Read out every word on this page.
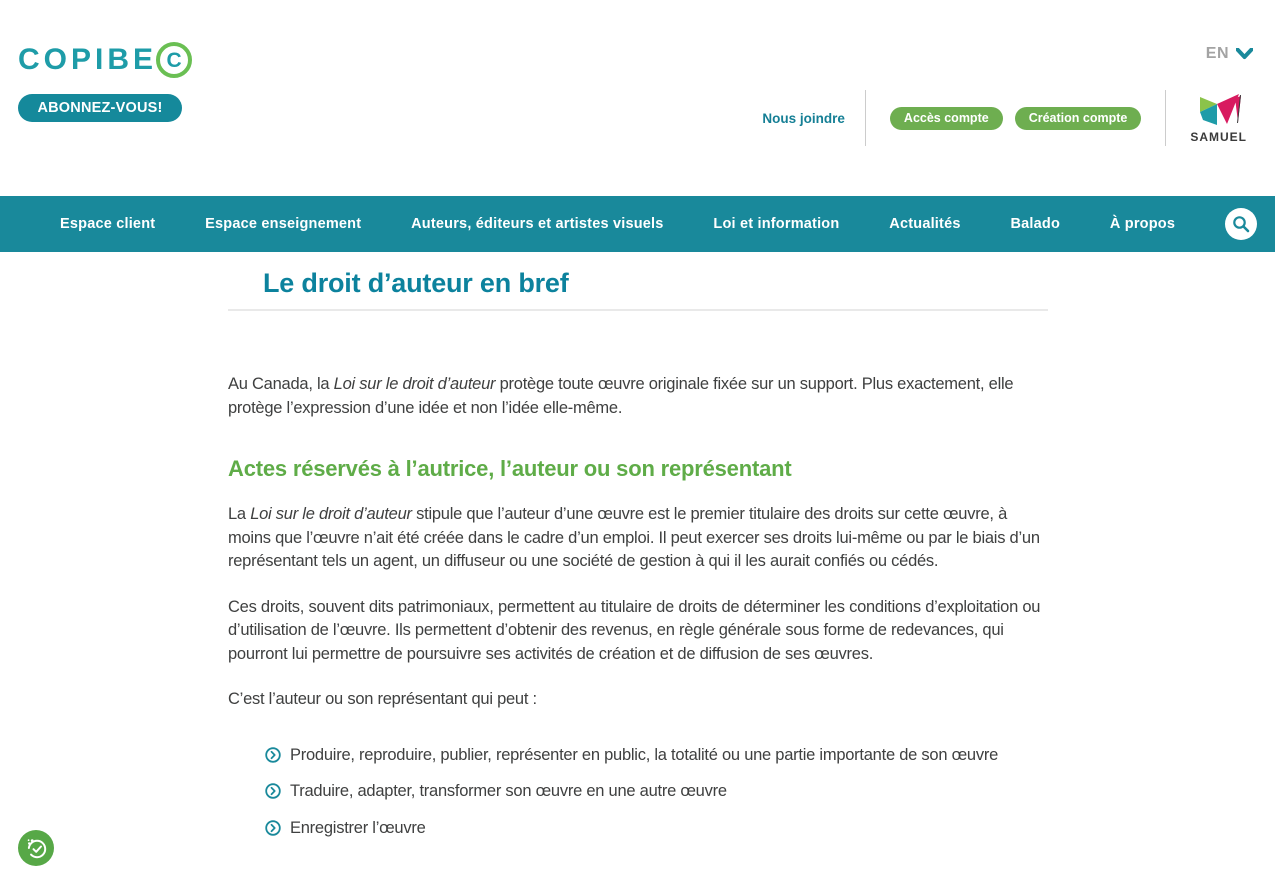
COPIBE C
ABONNEZ-VOUS!
EN
Nous joindre	Accès compte	Création compte
SAMUEL
Espace client	Espace enseignement	Auteurs, éditeurs et artistes visuels	Loi et information	Actualités	Balado	À propos
Le droit d’auteur en bref

Au Canada, la Loi sur le droit d’auteur protège toute œuvre originale fixée sur un support. Plus exactement, elle protège l’expression d’une idée et non l’idée elle-même.

Actes réservés à l’autrice, l’auteur ou son représentant

La Loi sur le droit d’auteur stipule que l’auteur d’une œuvre est le premier titulaire des droits sur cette œuvre, à moins que l’œuvre n’ait été créée dans le cadre d’un emploi. Il peut exercer ses droits lui-même ou par le biais d’un représentant tels un agent, un diffuseur ou une société de gestion à qui il les aurait confiés ou cédés.

Ces droits, souvent dits patrimoniaux, permettent au titulaire de droits de déterminer les conditions d’exploitation ou d’utilisation de l’œuvre. Ils permettent d’obtenir des revenus, en règle générale sous forme de redevances, qui pourront lui permettre de poursuivre ses activités de création et de diffusion de ses œuvres.

C’est l’auteur ou son représentant qui peut :

Produire, reproduire, publier, représenter en public, la totalité ou une partie importante de son œuvre
Traduire, adapter, transformer son œuvre en une autre œuvre
Enregistrer l’œuvre
